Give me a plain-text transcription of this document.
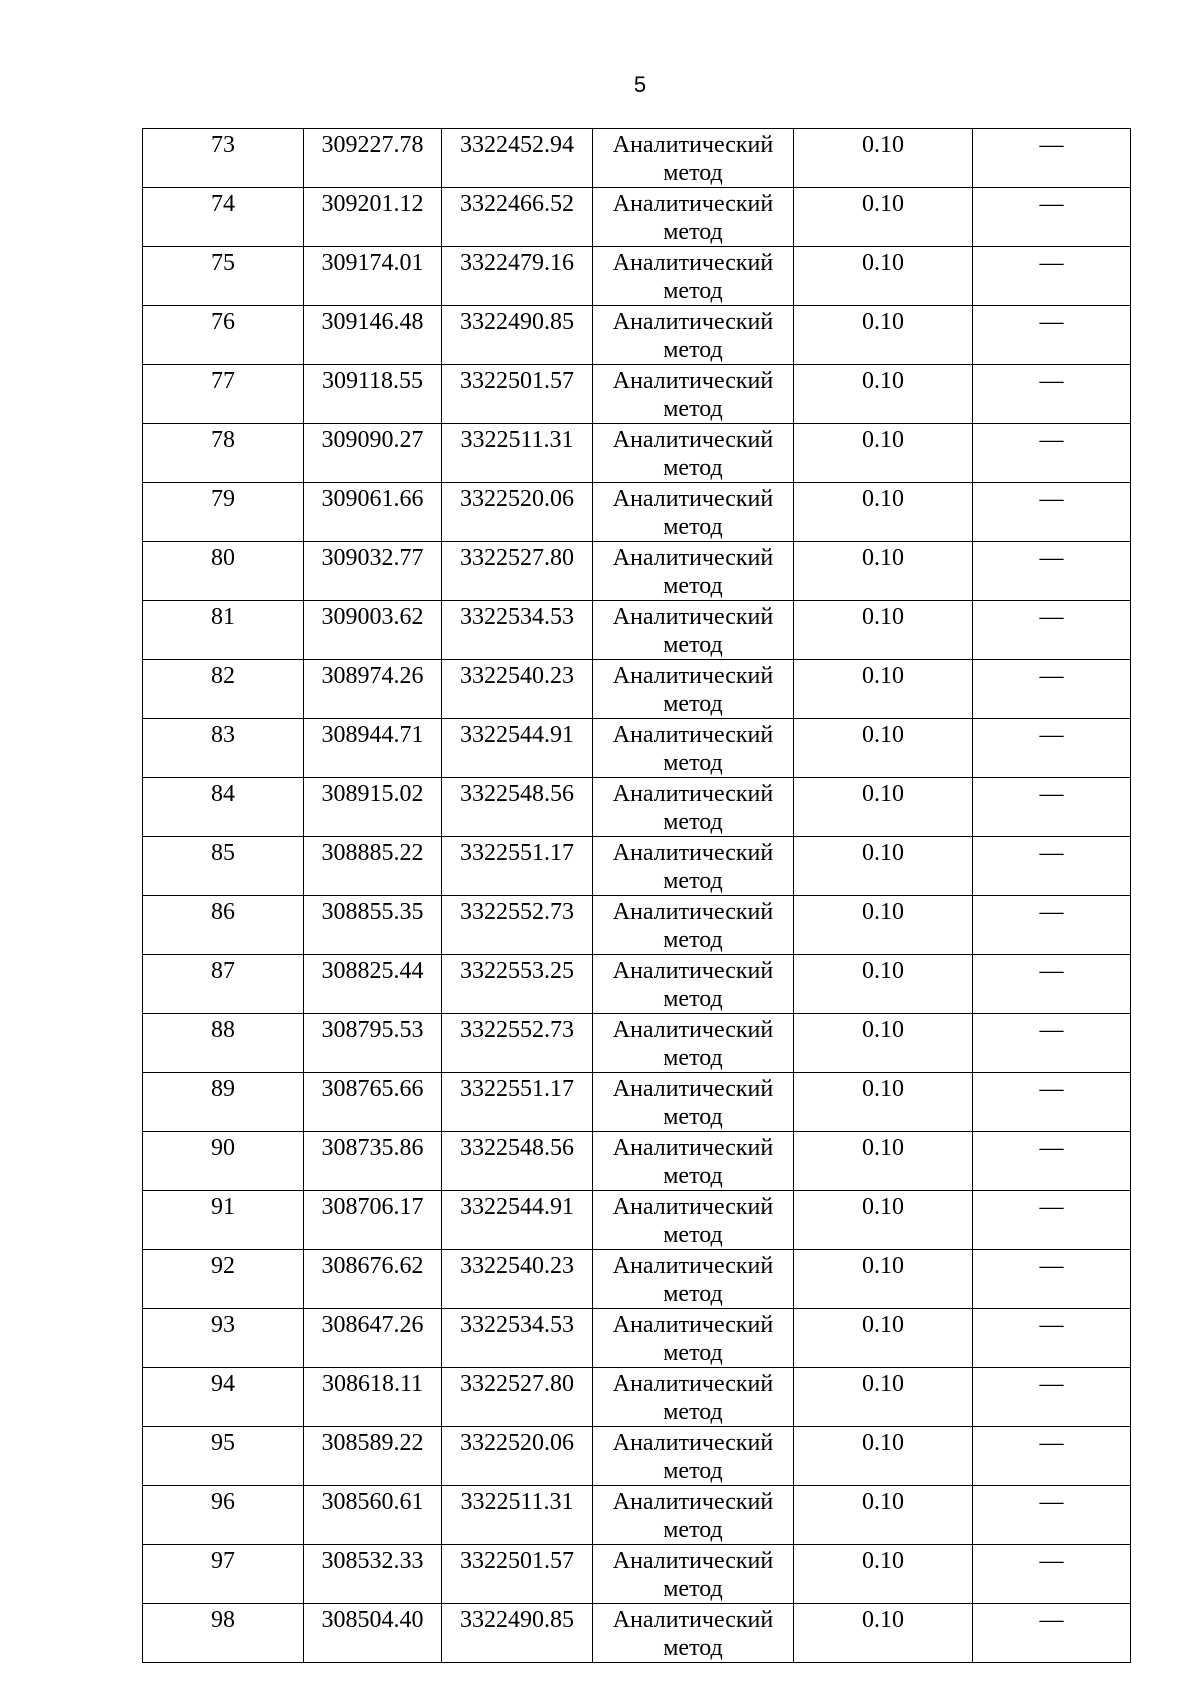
5
73	309227.78	3322452.94	Аналитический метод	0.10	—
74	309201.12	3322466.52	Аналитический метод	0.10	—
75	309174.01	3322479.16	Аналитический метод	0.10	—
76	309146.48	3322490.85	Аналитический метод	0.10	—
77	309118.55	3322501.57	Аналитический метод	0.10	—
78	309090.27	3322511.31	Аналитический метод	0.10	—
79	309061.66	3322520.06	Аналитический метод	0.10	—
80	309032.77	3322527.80	Аналитический метод	0.10	—
81	309003.62	3322534.53	Аналитический метод	0.10	—
82	308974.26	3322540.23	Аналитический метод	0.10	—
83	308944.71	3322544.91	Аналитический метод	0.10	—
84	308915.02	3322548.56	Аналитический метод	0.10	—
85	308885.22	3322551.17	Аналитический метод	0.10	—
86	308855.35	3322552.73	Аналитический метод	0.10	—
87	308825.44	3322553.25	Аналитический метод	0.10	—
88	308795.53	3322552.73	Аналитический метод	0.10	—
89	308765.66	3322551.17	Аналитический метод	0.10	—
90	308735.86	3322548.56	Аналитический метод	0.10	—
91	308706.17	3322544.91	Аналитический метод	0.10	—
92	308676.62	3322540.23	Аналитический метод	0.10	—
93	308647.26	3322534.53	Аналитический метод	0.10	—
94	308618.11	3322527.80	Аналитический метод	0.10	—
95	308589.22	3322520.06	Аналитический метод	0.10	—
96	308560.61	3322511.31	Аналитический метод	0.10	—
97	308532.33	3322501.57	Аналитический метод	0.10	—
98	308504.40	3322490.85	Аналитический метод	0.10	—
